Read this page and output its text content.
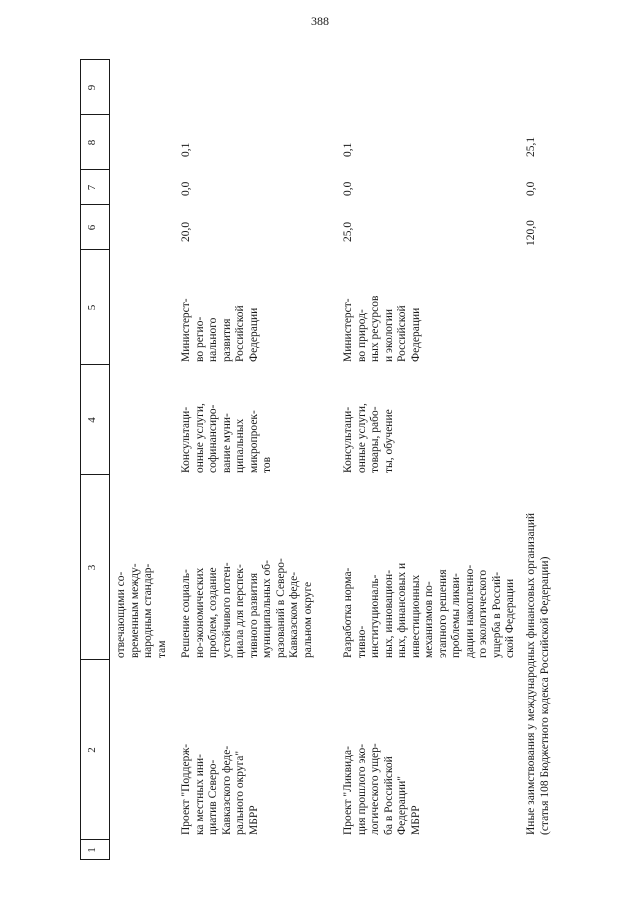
388
1
2
3
4
5
6
7
8
9
отвечающими со-
временным между-
народным стандар-
там
Проект "Поддерж-
ка местных ини-
циатив Северо-
Кавказского феде-
рального округа"
МБРР
Решение социаль-
но-экономических
проблем, создание
устойчивого потен-
циала для перспек-
тивного развития
муниципальных об-
разований в Северо-
Кавказском феде-
ральном округе
Консультаци-
онные услуги,
софинансиро-
вание муни-
ципальных
микропроек-
тов
Министерст-
во регио-
нального
развития
Российской
Федерации
20,0
0,0
0,1
Проект "Ликвида-
ция прошлого эко-
логического ущер-
ба в Российской
Федерации"
МБРР
Разработка норма-
тивно-
институциональ-
ных, инновацион-
ных, финансовых и
инвестиционных
механизмов по-
этапного решения
проблемы ликви-
дации накопленно-
го экологического
ущерба в Россий-
ской Федерации
Консультаци-
онные услуги,
товары, рабо-
ты, обучение
Министерст-
во природ-
ных ресурсов
и экологии
Российской
Федерации
25,0
0,0
0,1
Иные заимствования у международных финансовых организаций
(статья 108 Бюджетного кодекса Российской Федерации)
120,0
0,0
25,1
